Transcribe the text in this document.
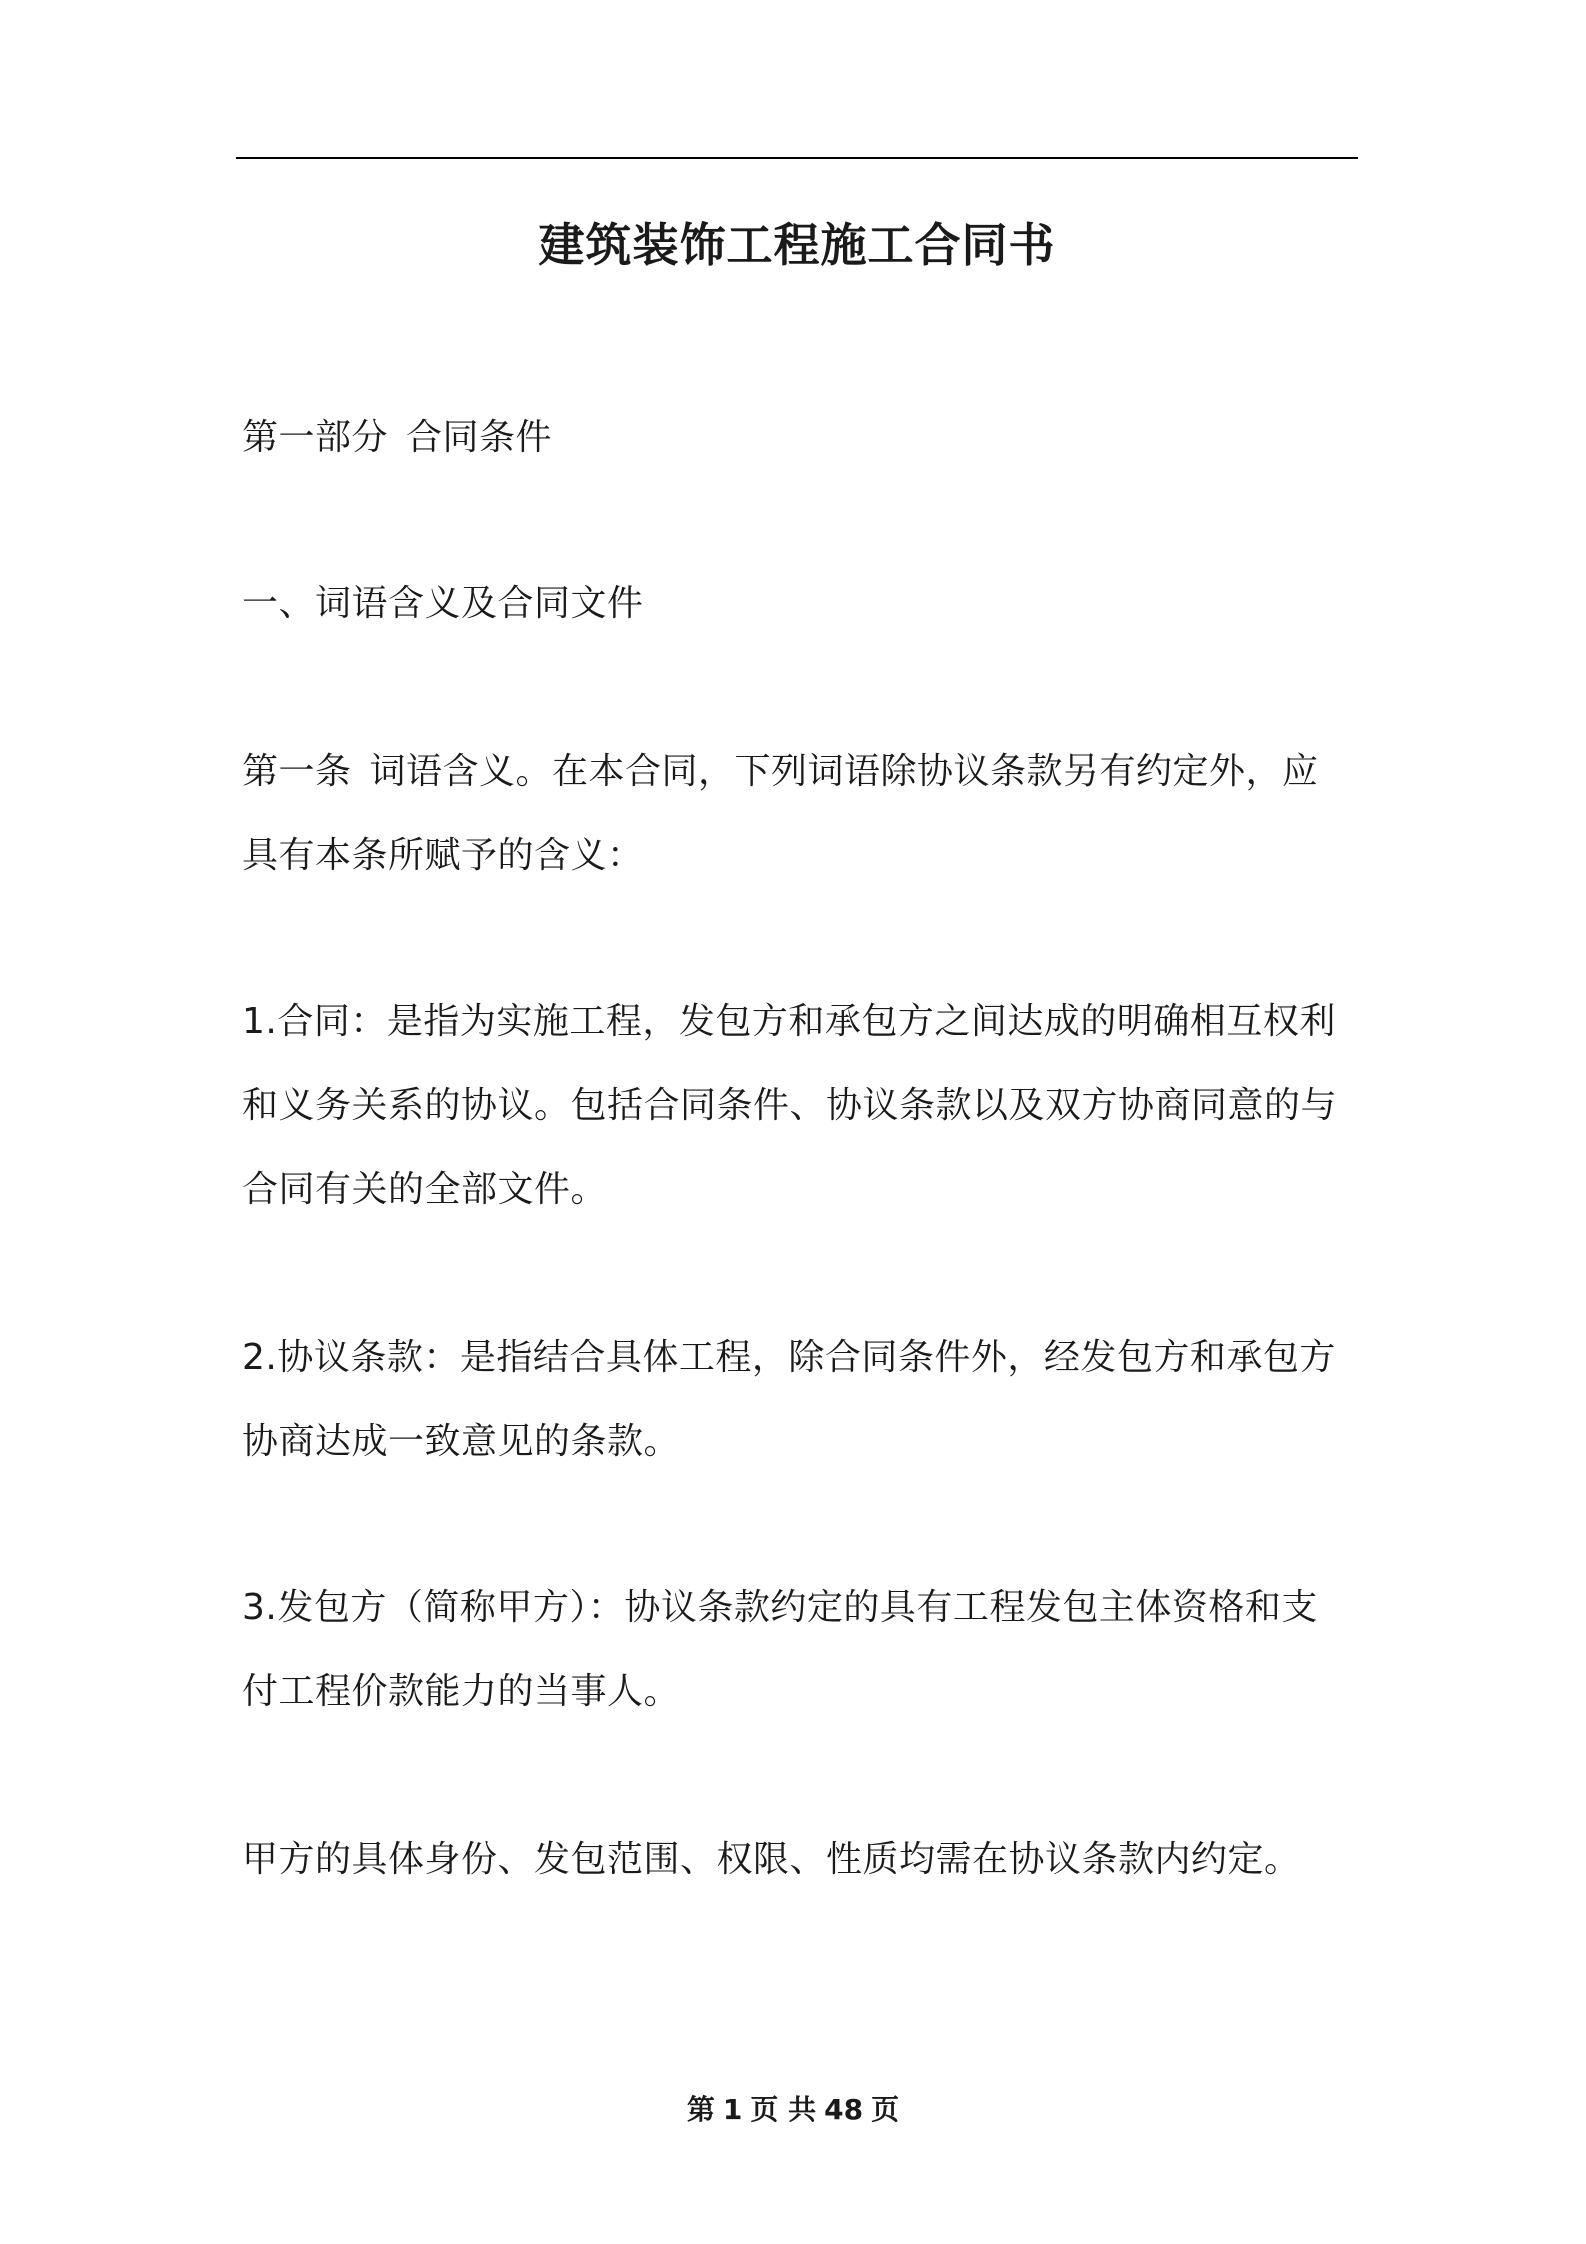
建筑装饰工程施工合同书
第一部分 合同条件
一、词语含义及合同文件
第一条 词语含义。在本合同，下列词语除协议条款另有约定外，应
具有本条所赋予的含义：
1.合同：是指为实施工程，发包方和承包方之间达成的明确相互权利
和义务关系的协议。包括合同条件、协议条款以及双方协商同意的与
合同有关的全部文件。
2.协议条款：是指结合具体工程，除合同条件外，经发包方和承包方
协商达成一致意见的条款。
3.发包方（简称甲方）：协议条款约定的具有工程发包主体资格和支
付工程价款能力的当事人。
甲方的具体身份、发包范围、权限、性质均需在协议条款内约定。
第 1 页 共 48 页
